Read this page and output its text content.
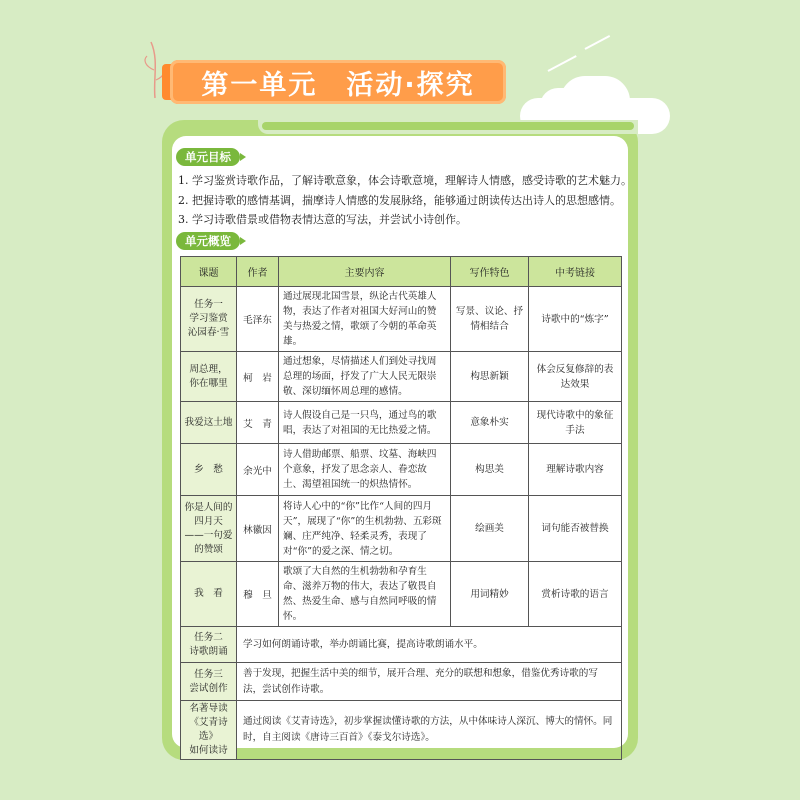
第一单元　活动·探究
单元目标
1. 学习鉴赏诗歌作品，了解诗歌意象，体会诗歌意境，理解诗人情感，感受诗歌的艺术魅力。
2. 把握诗歌的感情基调，揣摩诗人情感的发展脉络，能够通过朗读传达出诗人的思想感情。
3. 学习诗歌借景或借物表情达意的写法，并尝试小诗创作。
单元概览
课题	作者	主要内容	写作特色	中考链接

任务一
学习鉴赏
沁园春·雪	毛泽东	通过展现北国雪景，纵论古代英雄人物，表达了作者对祖国大好河山的赞美与热爱之情，歌颂了今朝的革命英雄。	写景、议论、抒情相结合	诗歌中的“炼字”

周总理，
你在哪里	柯　岩	通过想象，尽情描述人们到处寻找周总理的场面，抒发了广大人民无限崇敬、深切缅怀周总理的感情。	构思新颖	体会反复修辞的表达效果

我爱这土地	艾　青	诗人假设自己是一只鸟，通过鸟的歌唱，表达了对祖国的无比热爱之情。	意象朴实	现代诗歌中的象征手法

乡　愁	余光中	诗人借助邮票、船票、坟墓、海峡四个意象，抒发了思念亲人、眷恋故土、渴望祖国统一的炽热情怀。	构思美	理解诗歌内容

你是人间的
四月天
——一句爱
的赞颂	林徽因	将诗人心中的“你”比作“人间的四月天”，展现了“你”的生机勃勃、五彩斑斓、庄严纯净、轻柔灵秀，表现了对“你”的爱之深、情之切。	绘画美	词句能否被替换

我　看	穆　旦	歌颂了大自然的生机勃勃和孕育生命、滋养万物的伟大，表达了敬畏自然、热爱生命、感与自然同呼吸的情怀。	用词精妙	赏析诗歌的语言

任务二
诗歌朗诵	学习如何朗诵诗歌，举办朗诵比赛，提高诗歌朗诵水平。			

任务三
尝试创作	善于发现，把握生活中美的细节，展开合理、充分的联想和想象，借鉴优秀诗歌的写法，尝试创作诗歌。			

名著导读
《艾青诗选》
如何读诗	通过阅读《艾青诗选》，初步掌握读懂诗歌的方法，从中体味诗人深沉、博大的情怀。同时，自主阅读《唐诗三百首》《泰戈尔诗选》。			
